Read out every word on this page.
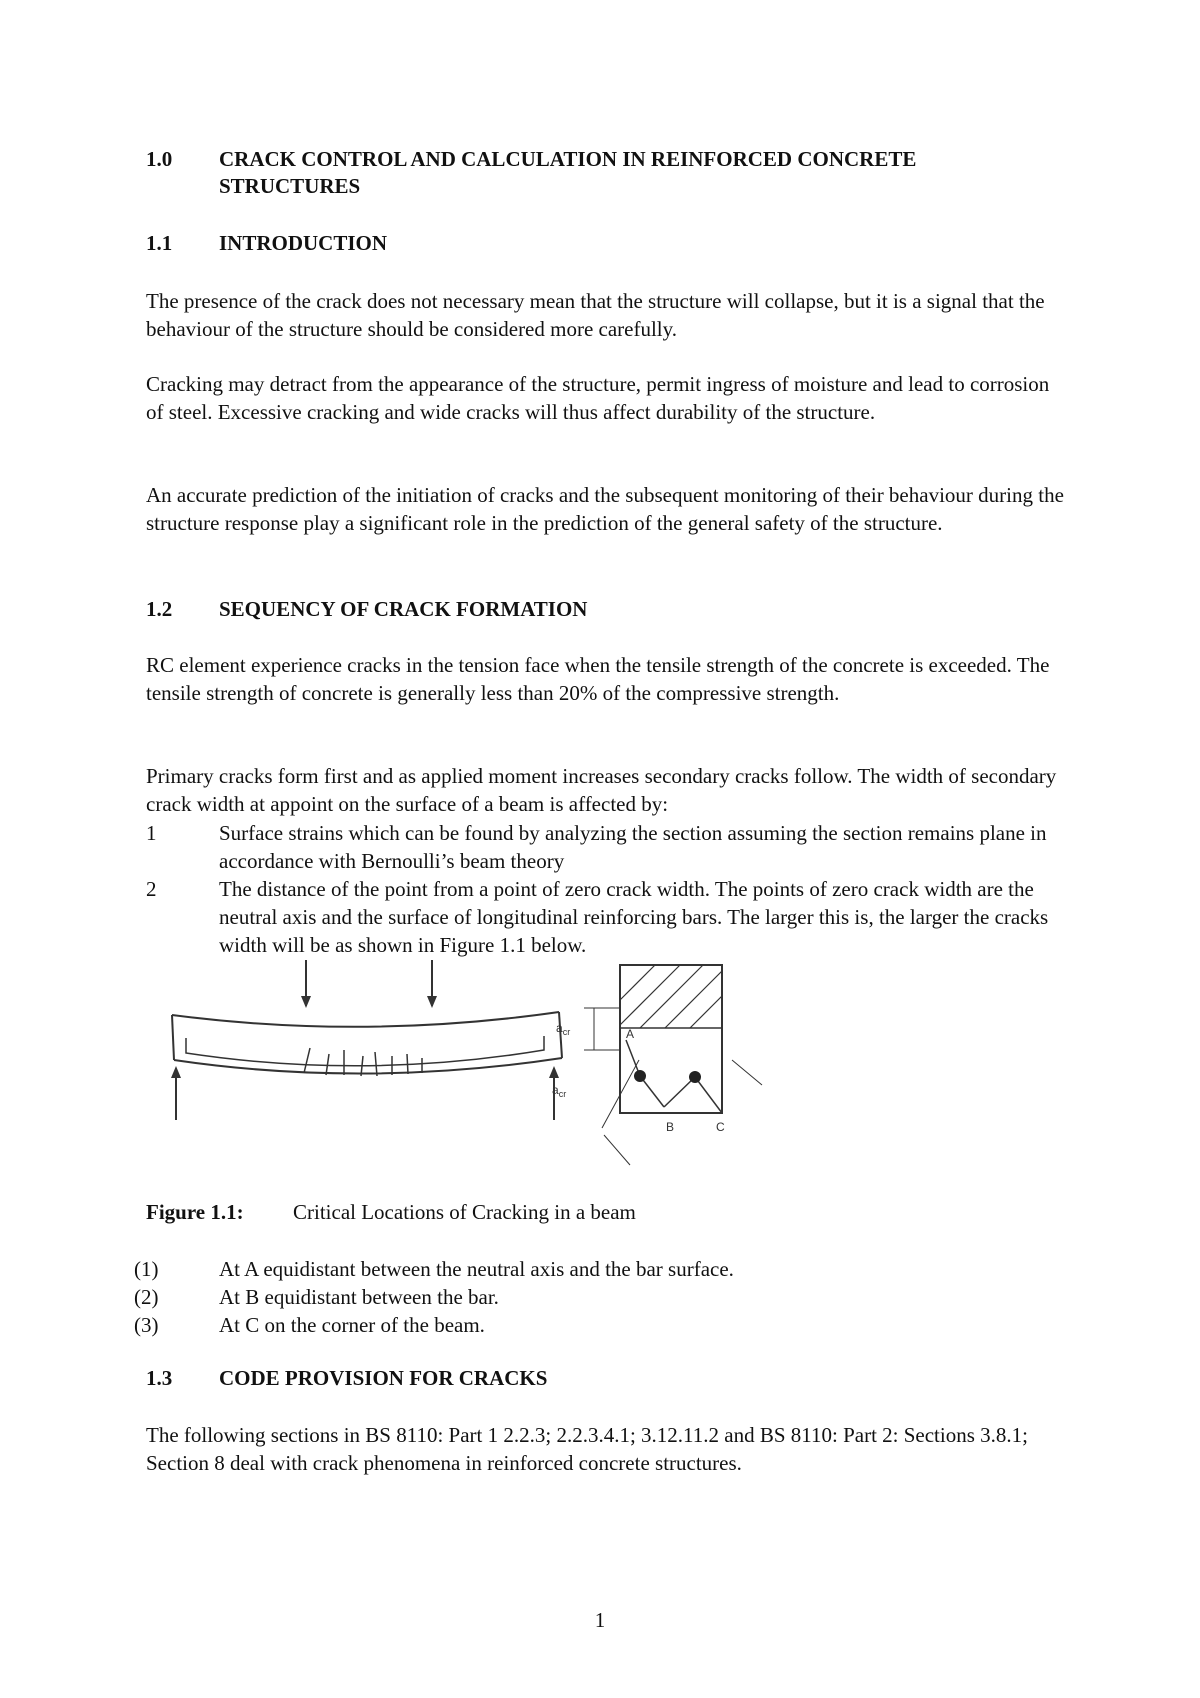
1.0	CRACK CONTROL AND CALCULATION IN REINFORCED CONCRETE
STRUCTURES
1.1	INTRODUCTION
The presence of the crack does not necessary mean that the structure will collapse, but it is a signal that the behaviour of the structure should be considered more carefully.
Cracking may detract from the appearance of the structure, permit ingress of moisture and lead to corrosion of steel. Excessive cracking and wide cracks will thus affect durability of the structure.
An accurate prediction of the initiation of cracks and the subsequent monitoring of their behaviour during the structure response play a significant role in the prediction of the general safety of the structure.
1.2	SEQUENCY OF CRACK FORMATION
RC element experience cracks in the tension face when the tensile strength of the concrete is exceeded. The tensile strength of concrete is generally less than 20% of the compressive strength.
Primary cracks form first and as applied moment increases secondary cracks follow. The width of secondary crack width at appoint on the surface of a beam is affected by:
1	Surface strains which can be found by analyzing the section assuming the section remains plane in accordance with Bernoulli’s beam theory
2	The distance of the point from a point of zero crack width. The points of zero crack width are the neutral axis and the surface of longitudinal reinforcing bars. The larger this is, the larger the cracks width will be as shown in Figure 1.1 below.
A
B	C
$a_{cr}$
$a_{cr}$
Figure 1.1: Critical Locations of Cracking in a beam
(1)	At A equidistant between the neutral axis and the bar surface.
(2)	At B equidistant between the bar.
(3)	At C on the corner of the beam.
1.3	CODE PROVISION FOR CRACKS
The following sections in BS 8110: Part 1 2.2.3; 2.2.3.4.1; 3.12.11.2 and BS 8110: Part 2: Sections 3.8.1; Section 8 deal with crack phenomena in reinforced concrete structures.
1
